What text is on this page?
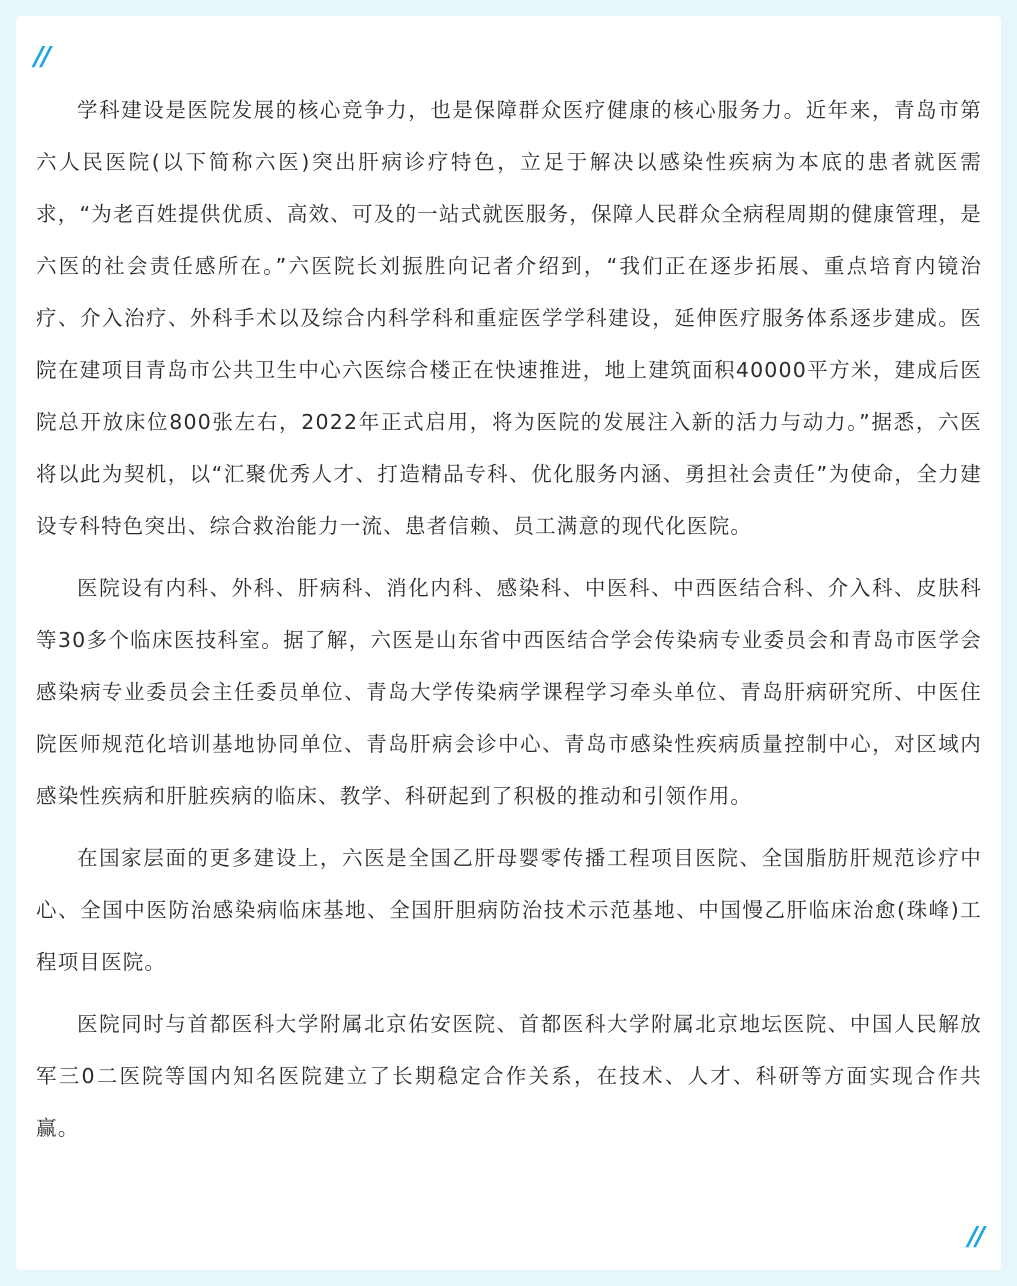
//

学科建设是医院发展的核心竞争力，也是保障群众医疗健康的核心服务力。近年来，青岛市第六人民医院(以下简称六医)突出肝病诊疗特色，立足于解决以感染性疾病为本底的患者就医需求，“为老百姓提供优质、高效、可及的一站式就医服务，保障人民群众全病程周期的健康管理，是六医的社会责任感所在。”六医院长刘振胜向记者介绍到，“我们正在逐步拓展、重点培育内镜治疗、介入治疗、外科手术以及综合内科学科和重症医学学科建设，延伸医疗服务体系逐步建成。医院在建项目青岛市公共卫生中心六医综合楼正在快速推进，地上建筑面积40000平方米，建成后医院总开放床位800张左右，2022年正式启用，将为医院的发展注入新的活力与动力。”据悉，六医将以此为契机，以“汇聚优秀人才、打造精品专科、优化服务内涵、勇担社会责任”为使命，全力建设专科特色突出、综合救治能力一流、患者信赖、员工满意的现代化医院。

医院设有内科、外科、肝病科、消化内科、感染科、中医科、中西医结合科、介入科、皮肤科等30多个临床医技科室。据了解，六医是山东省中西医结合学会传染病专业委员会和青岛市医学会感染病专业委员会主任委员单位、青岛大学传染病学课程学习牵头单位、青岛肝病研究所、中医住院医师规范化培训基地协同单位、青岛肝病会诊中心、青岛市感染性疾病质量控制中心，对区域内感染性疾病和肝脏疾病的临床、教学、科研起到了积极的推动和引领作用。

在国家层面的更多建设上，六医是全国乙肝母婴零传播工程项目医院、全国脂肪肝规范诊疗中心、全国中医防治感染病临床基地、全国肝胆病防治技术示范基地、中国慢乙肝临床治愈(珠峰)工程项目医院。

医院同时与首都医科大学附属北京佑安医院、首都医科大学附属北京地坛医院、中国人民解放军三0二医院等国内知名医院建立了长期稳定合作关系，在技术、人才、科研等方面实现合作共赢。

//
